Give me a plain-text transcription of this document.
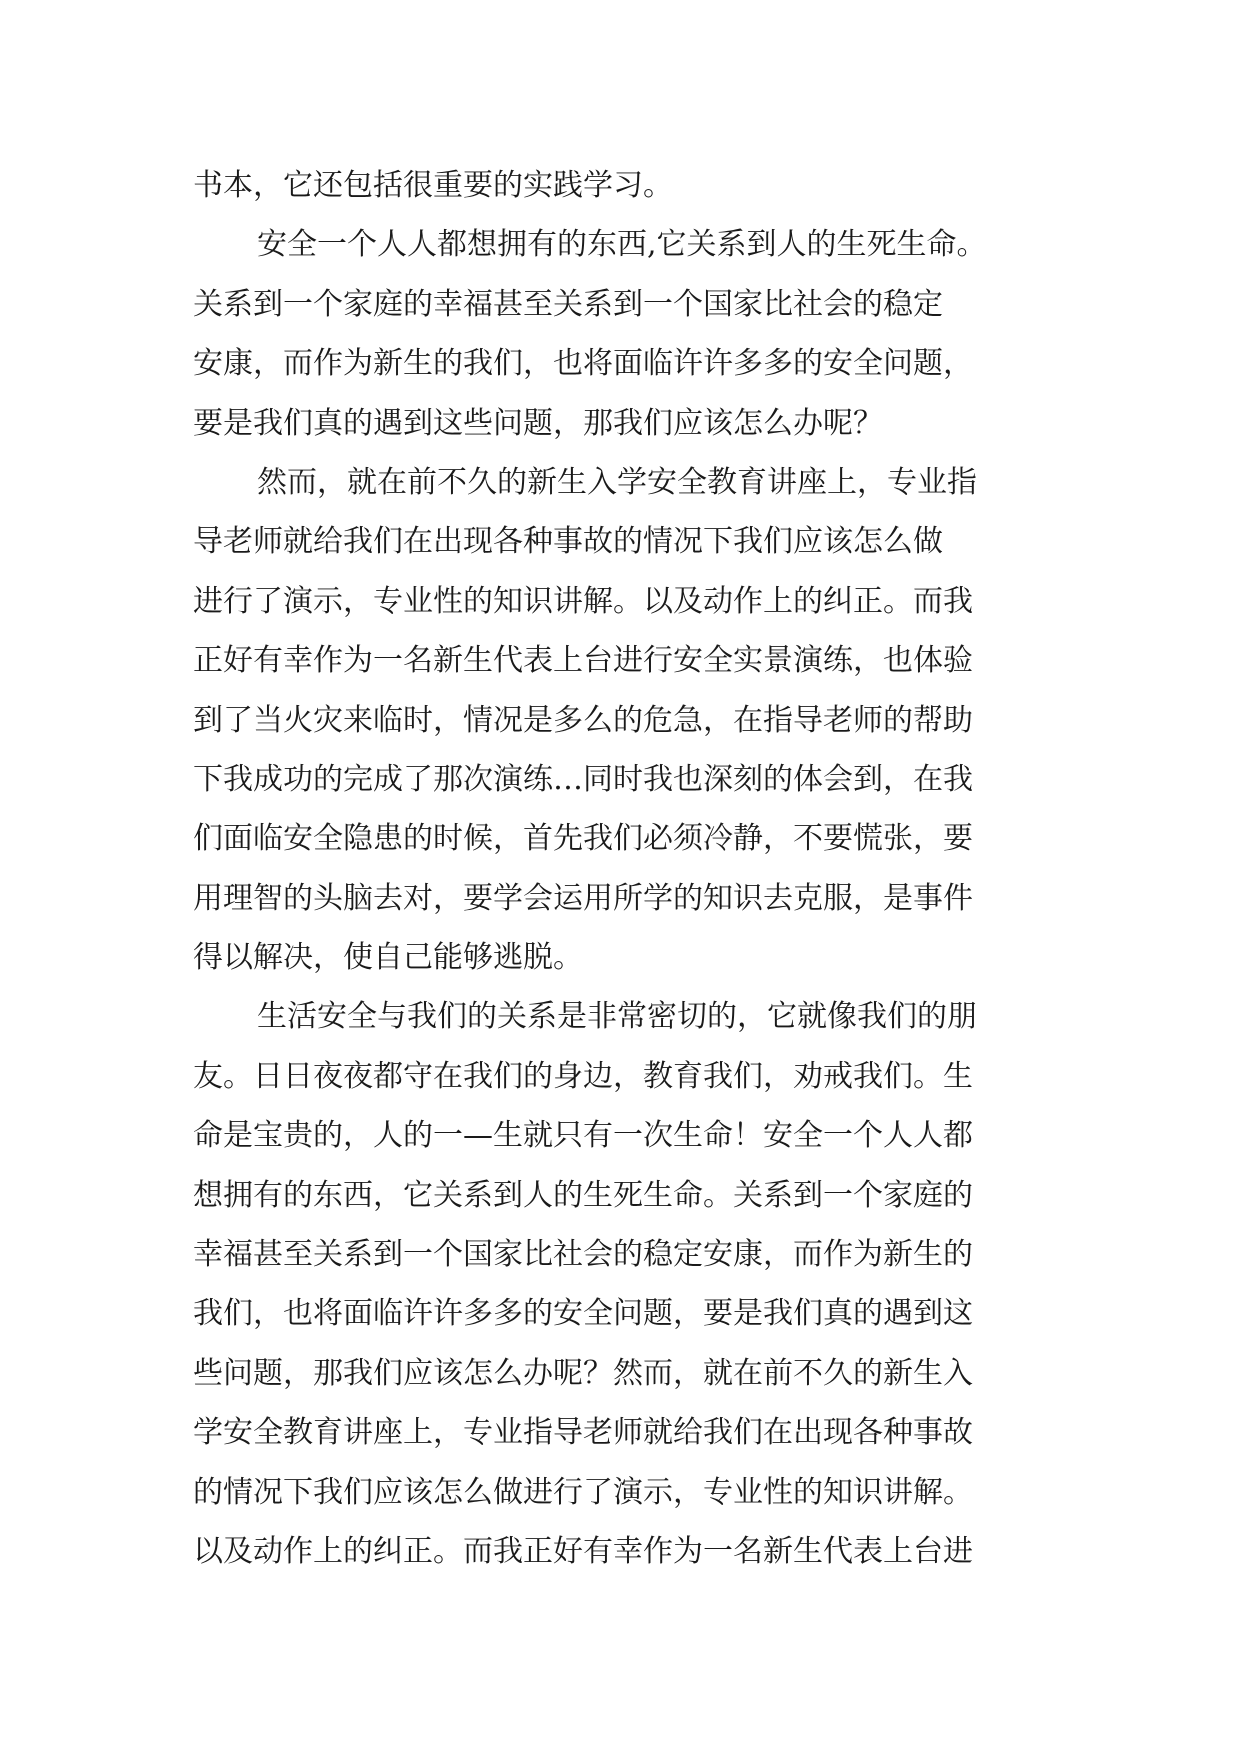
书本，它还包括很重要的实践学习。
安全一个人人都想拥有的东西,它关系到人的生死生命。
关系到一个家庭的幸福甚至关系到一个国家比社会的稳定
安康，而作为新生的我们，也将面临许许多多的安全问题，
要是我们真的遇到这些问题，那我们应该怎么办呢？
然而，就在前不久的新生入学安全教育讲座上，专业指
导老师就给我们在出现各种事故的情况下我们应该怎么做
进行了演示，专业性的知识讲解。以及动作上的纠正。而我
正好有幸作为一名新生代表上台进行安全实景演练，也体验
到了当火灾来临时，情况是多么的危急，在指导老师的帮助
下我成功的完成了那次演练…同时我也深刻的体会到，在我
们面临安全隐患的时候，首先我们必须冷静，不要慌张，要
用理智的头脑去对，要学会运用所学的知识去克服，是事件
得以解决，使自己能够逃脱。
生活安全与我们的关系是非常密切的，它就像我们的朋
友。日日夜夜都守在我们的身边，教育我们，劝戒我们。生
命是宝贵的，人的一—生就只有一次生命！安全一个人人都
想拥有的东西，它关系到人的生死生命。关系到一个家庭的
幸福甚至关系到一个国家比社会的稳定安康，而作为新生的
我们，也将面临许许多多的安全问题，要是我们真的遇到这
些问题，那我们应该怎么办呢？然而，就在前不久的新生入
学安全教育讲座上，专业指导老师就给我们在出现各种事故
的情况下我们应该怎么做进行了演示，专业性的知识讲解。
以及动作上的纠正。而我正好有幸作为一名新生代表上台进
